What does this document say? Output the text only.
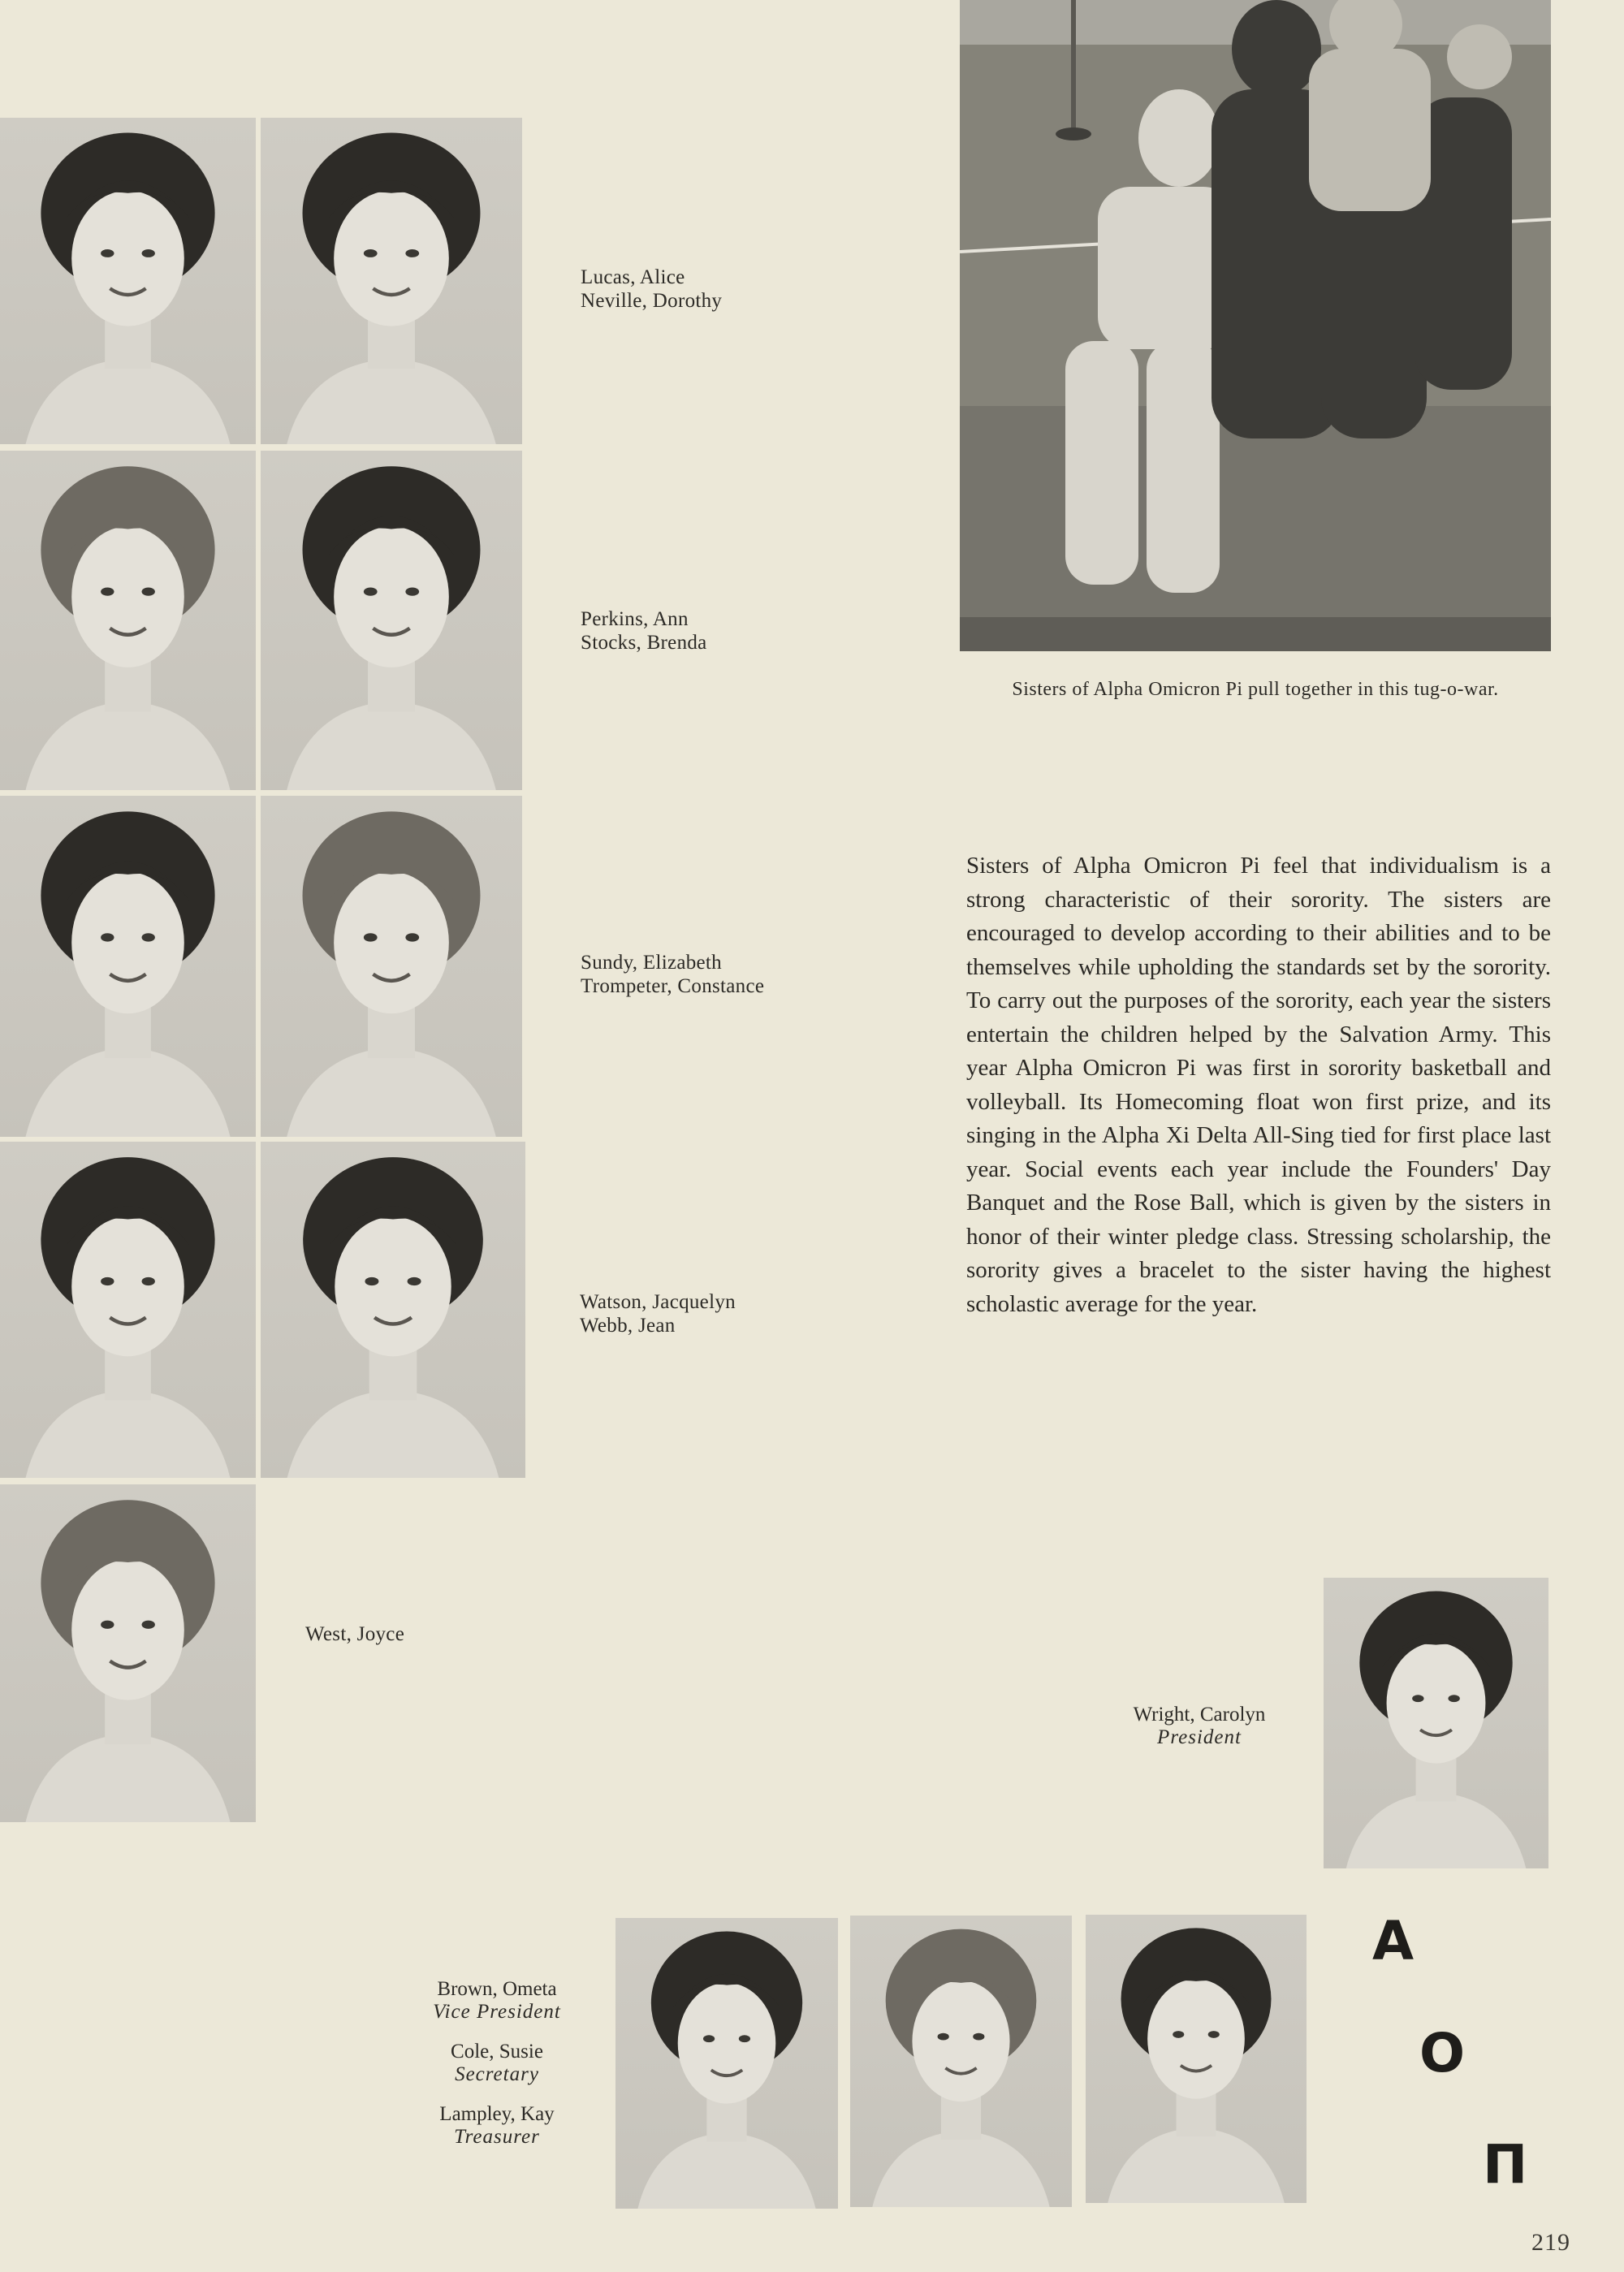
Lucas, Alice
Neville, Dorothy
Perkins, Ann
Stocks, Brenda
Sundy, Elizabeth
Trompeter, Constance
Watson, Jacquelyn
Webb, Jean
West, Joyce
Sisters of Alpha Omicron Pi pull together in this tug-o-war.
Sisters of Alpha Omicron Pi feel that individualism is a strong characteristic of their sorority. The sisters are encouraged to develop according to their abilities and to be themselves while upholding the standards set by the sorority. To carry out the purposes of the sorority, each year the sisters entertain the children helped by the Salvation Army. This year Alpha Omicron Pi was first in sorority basketball and volleyball. Its Homecoming float won first prize, and its singing in the Alpha Xi Delta All-Sing tied for first place last year. Social events each year include the Founders' Day Banquet and the Rose Ball, which is given by the sisters in honor of their winter pledge class. Stressing scholarship, the sorority gives a bracelet to the sister having the highest scholastic average for the year.
Wright, Carolyn
President
Brown, Ometa
Vice President
Cole, Susie
Secretary
Lampley, Kay
Treasurer
A
O
Π
219
